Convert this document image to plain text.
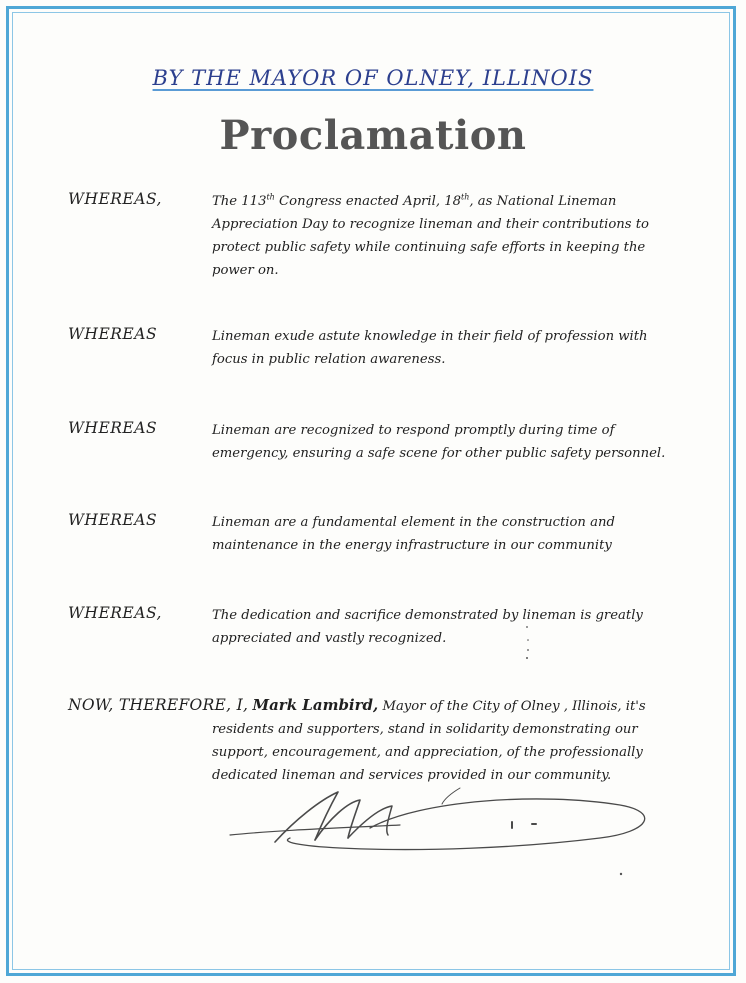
BY THE MAYOR OF OLNEY, ILLINOIS
Proclamation
WHEREAS,	The 113th Congress enacted April, 18th, as National Lineman Appreciation Day to recognize lineman and their contributions to protect public safety while continuing safe efforts in keeping the power on.
WHEREAS	Lineman exude astute knowledge in their field of profession with focus in public relation awareness.
WHEREAS	Lineman are recognized to respond promptly during time of emergency, ensuring a safe scene for other public safety personnel.
WHEREAS	Lineman are a fundamental element in the construction and maintenance in the energy infrastructure in our community
WHEREAS,	The dedication and sacrifice demonstrated by lineman is greatly appreciated and vastly recognized.
NOW, THEREFORE, I, Mark Lambird, Mayor of the City of Olney , Illinois, it's
residents and supporters, stand in solidarity demonstrating our support, encouragement, and appreciation, of the professionally dedicated lineman and services provided in our community.
